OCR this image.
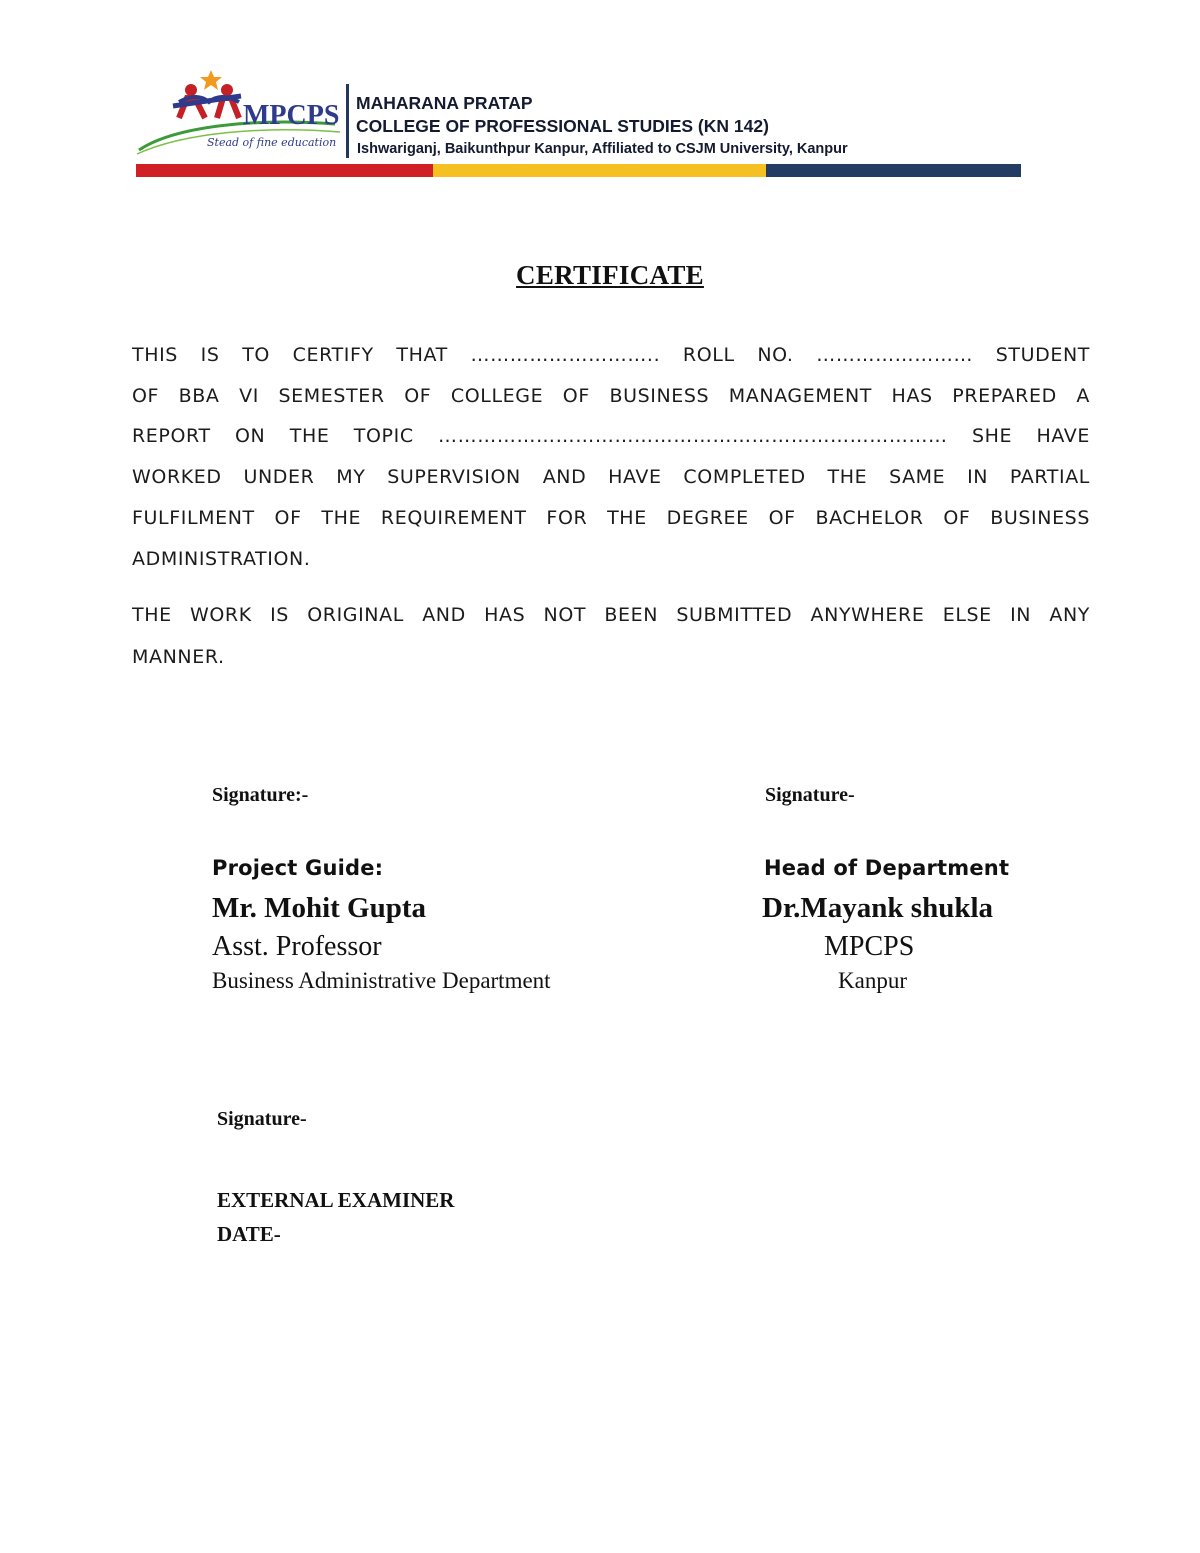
MPCPS
Stead of fine education
MAHARANA PRATAP
COLLEGE OF PROFESSIONAL STUDIES (KN 142)
Ishwariganj, Baikunthpur Kanpur, Affiliated to CSJM University, Kanpur
CERTIFICATE
THIS IS TO CERTIFY THAT ……………………….. ROLL NO. …………………… STUDENT
OF BBA VI SEMESTER OF COLLEGE OF BUSINESS MANAGEMENT HAS PREPARED A
REPORT ON THE TOPIC …………………………………………………………………… SHE HAVE
WORKED UNDER MY SUPERVISION AND HAVE COMPLETED THE SAME IN PARTIAL
FULFILMENT OF THE REQUIREMENT FOR THE DEGREE OF BACHELOR OF BUSINESS
ADMINISTRATION.
THE WORK IS ORIGINAL AND HAS NOT BEEN SUBMITTED ANYWHERE ELSE IN ANY
MANNER.
Signature:-
Project Guide:
Mr. Mohit Gupta
Asst. Professor
Business Administrative Department
Signature-
Head of Department
Dr.Mayank shukla
MPCPS
Kanpur
Signature-
EXTERNAL EXAMINER
DATE-
